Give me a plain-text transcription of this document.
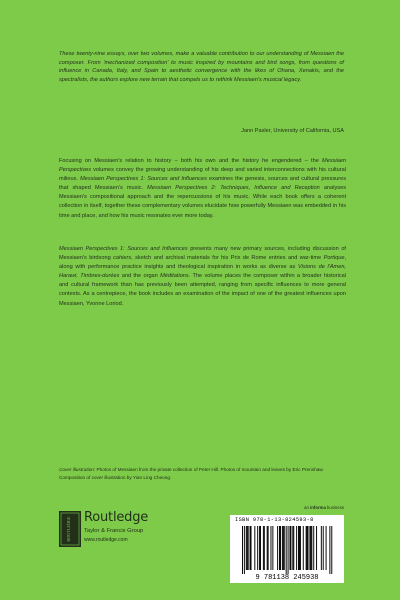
These twenty-nine essays, over two volumes, make a valuable contribution to our understanding of Messiaen the composer. From 'mechanized composition' to music inspired by mountains and bird songs, from questions of influence in Canada, Italy, and Spain to aesthetic convergence with the likes of Ohana, Xenakis, and the spectralists, the authors explore new terrain that compels us to rethink Messiaen's musical legacy.

Jann Pasler, University of California, USA

Focusing on Messiaen's relation to history – both his own and the history he engendered – the Messiaen Perspectives volumes convey the growing understanding of his deep and varied interconnections with his cultural milieux. Messiaen Perspectives 1: Sources and Influences examines the genesis, sources and cultural pressures that shaped Messiaen's music. Messiaen Perspectives 2: Techniques, Influence and Reception analyses Messiaen's compositional approach and the repercussions of his music. While each book offers a coherent collection in itself, together these complementary volumes elucidate how powerfully Messiaen was embedded in his time and place, and how his music resonates ever more today.

Messiaen Perspectives 1: Sources and Influences presents many new primary sources, including discussion of Messiaen's birdsong cahiers, sketch and archival materials for his Prix de Rome entries and war-time Portique, along with performance practice insights and theological inspiration in works as diverse as Visions de l'Amen, Harawi, Timbres-durées and the organ Méditations. The volume places the composer within a broader historical and cultural framework than has previously been attempted, ranging from specific influences to more general contexts. As a centrepiece, the book includes an examination of the impact of one of the greatest influences upon Messiaen, Yvonne Loriod.

Cover illustration: Photos of Messiaen from the private collection of Peter Hill. Photos of mountain and leaves by Eric Prenshaw. Composition of cover illustration by Yian Ling Cheong.

an informa business
ISBN 978-1-13-824593-8
9 781138 245938
ROUTLEDGE Routledge
Taylor & Francis Group
www.routledge.com
